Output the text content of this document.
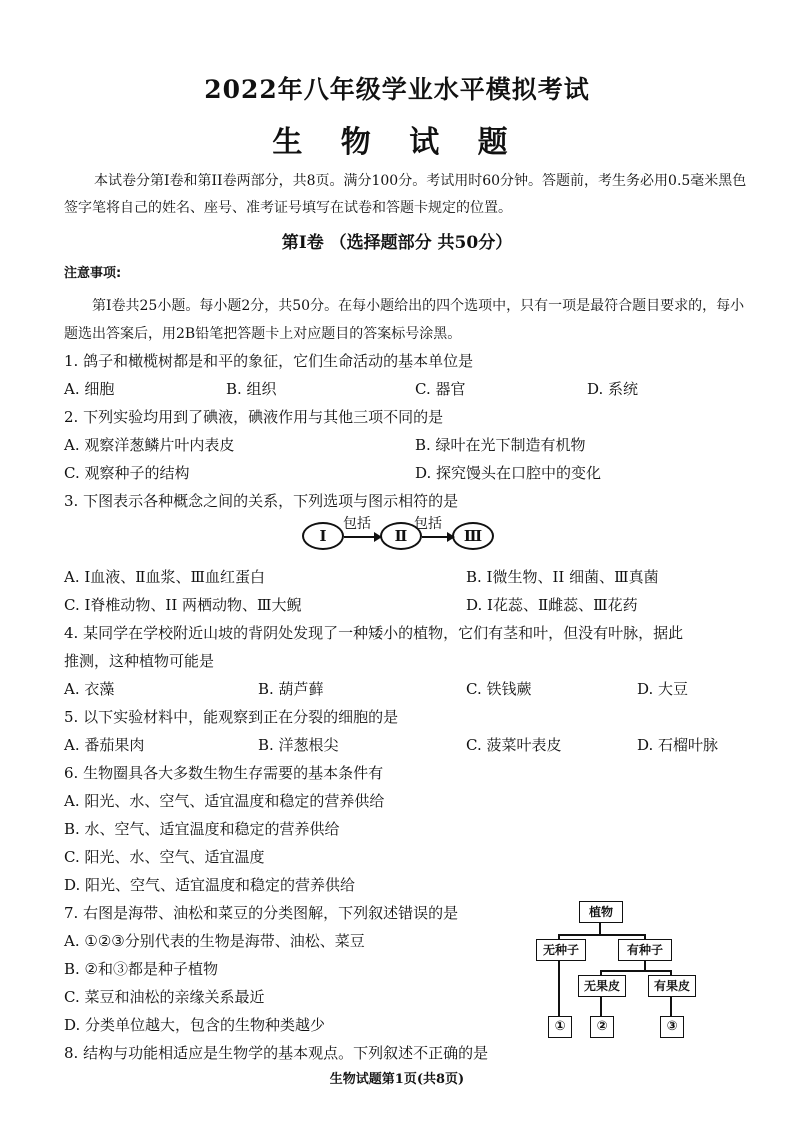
2022年八年级学业水平模拟考试
生 物 试 题
本试卷分第Ⅰ卷和第II卷两部分，共8页。满分100分。考试用时60分钟。答题前，考生务必用0.5毫米黑色签字笔将自己的姓名、座号、准考证号填写在试卷和答题卡规定的位置。
第Ⅰ卷 （选择题部分 共50分）
注意事项:
第Ⅰ卷共25小题。每小题2分，共50分。在每小题给出的四个选项中，只有一项是最符合题目要求的，每小题选出答案后，用2B铅笔把答题卡上对应题目的答案标号涂黑。
1. 鸽子和橄榄树都是和平的象征，它们生命活动的基本单位是
A. 细胞	B. 组织	C. 器官	D. 系统
2. 下列实验均用到了碘液，碘液作用与其他三项不同的是
A. 观察洋葱鳞片叶内表皮	B. 绿叶在光下制造有机物
C. 观察种子的结构	D. 探究馒头在口腔中的变化
3. 下图表示各种概念之间的关系，下列选项与图示相符的是
Ⅰ
包括
Ⅱ
包括
Ⅲ
A. Ⅰ血液、Ⅱ血浆、Ⅲ血红蛋白	B. Ⅰ微生物、II 细菌、Ⅲ真菌
C. Ⅰ脊椎动物、II 两栖动物、Ⅲ大鲵	D. Ⅰ花蕊、Ⅱ雌蕊、Ⅲ花药
4. 某同学在学校附近山坡的背阴处发现了一种矮小的植物，它们有茎和叶，但没有叶脉，据此
推测，这种植物可能是
A. 衣藻	B. 葫芦藓	C. 铁钱蕨	D. 大豆
5. 以下实验材料中，能观察到正在分裂的细胞的是
A. 番茄果肉	B. 洋葱根尖	C. 菠菜叶表皮	D. 石榴叶脉
6. 生物圈具各大多数生物生存需要的基本条件有
A. 阳光、水、空气、适宜温度和稳定的营养供给
B. 水、空气、适宜温度和稳定的营养供给
C. 阳光、水、空气、适宜温度
D. 阳光、空气、适宜温度和稳定的营养供给
7. 右图是海带、油松和菜豆的分类图解，下列叙述错误的是
A. ①②③分别代表的生物是海带、油松、菜豆
B. ②和③都是种子植物
C. 菜豆和油松的亲缘关系最近
D. 分类单位越大，包含的生物种类越少
植物
无种子	有种子
无果皮	有果皮
①	②	③
8. 结构与功能相适应是生物学的基本观点。下列叙述不正确的是
生物试题第1页(共8页)
